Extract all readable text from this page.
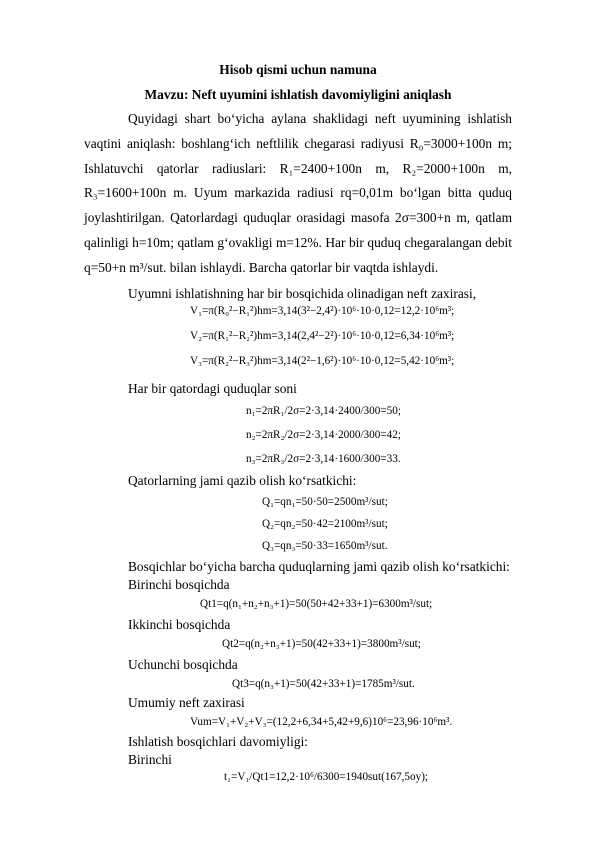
Hisob qismi uchun namuna
Mavzu: Neft uyumini ishlatish davomiyligini aniqlash
Quyidagi shart bo‘yicha aylana shaklidagi neft uyumining ishlatish vaqtini aniqlash: boshlang‘ich neftlilik chegarasi radiyusi R₀=3000+100n m; Ishlatuvchi qatorlar radiuslari: R₁=2400+100n m, R₂=2000+100n m, R₃=1600+100n m. Uyum markazida radiusi rq=0,01m bo‘lgan bitta quduq joylashtirilgan. Qatorlardagi quduqlar orasidagi masofa 2σ=300+n m, qatlam qalinligi h=10m; qatlam g‘ovakligi m=12%. Har bir quduq chegaralangan debit q=50+n m³/sut. bilan ishlaydi. Barcha qatorlar bir vaqtda ishlaydi.
Uyumni ishlatishning har bir bosqichida olinadigan neft zaxirasi,
V₁=π(R₀²−R₁²)hm=3,14(3²−2,4²)·10⁶·10·0,12=12,2·10⁶m³;
V₂=π(R₁²−R₂²)hm=3,14(2,4²−2²)·10⁶·10·0,12=6,34·10⁶m³;
V₃=π(R₂²−R₃²)hm=3,14(2²−1,6²)·10⁶·10·0,12=5,42·10⁶m³;
Har bir qatordagi quduqlar soni
n₁=2πR₁/2σ=2·3,14·2400/300=50;
n₂=2πR₂/2σ=2·3,14·2000/300=42;
n₃=2πR₃/2σ=2·3,14·1600/300=33.
Qatorlarning jami qazib olish ko‘rsatkichi:
Q₁=qn₁=50·50=2500m³/sut;
Q₂=qn₂=50·42=2100m³/sut;
Q₃=qn₃=50·33=1650m³/sut.
Bosqichlar bo‘yicha barcha quduqlarning jami qazib olish ko‘rsatkichi:
Birinchi bosqichda
Qt1=q(n₁+n₂+n₃+1)=50(50+42+33+1)=6300m³/sut;
Ikkinchi bosqichda
Qt2=q(n₂+n₃+1)=50(42+33+1)=3800m³/sut;
Uchunchi bosqichda
Qt3=q(n₃+1)=50(42+33+1)=1785m³/sut.
Umumiy neft zaxirasi
Vum=V₁+V₂+V₃=(12,2+6,34+5,42+9,6)10⁶=23,96·10⁶m³.
Ishlatish bosqichlari davomiyligi:
Birinchi
t₁=V₁/Qt1=12,2·10⁶/6300=1940sut(167,5oy);
